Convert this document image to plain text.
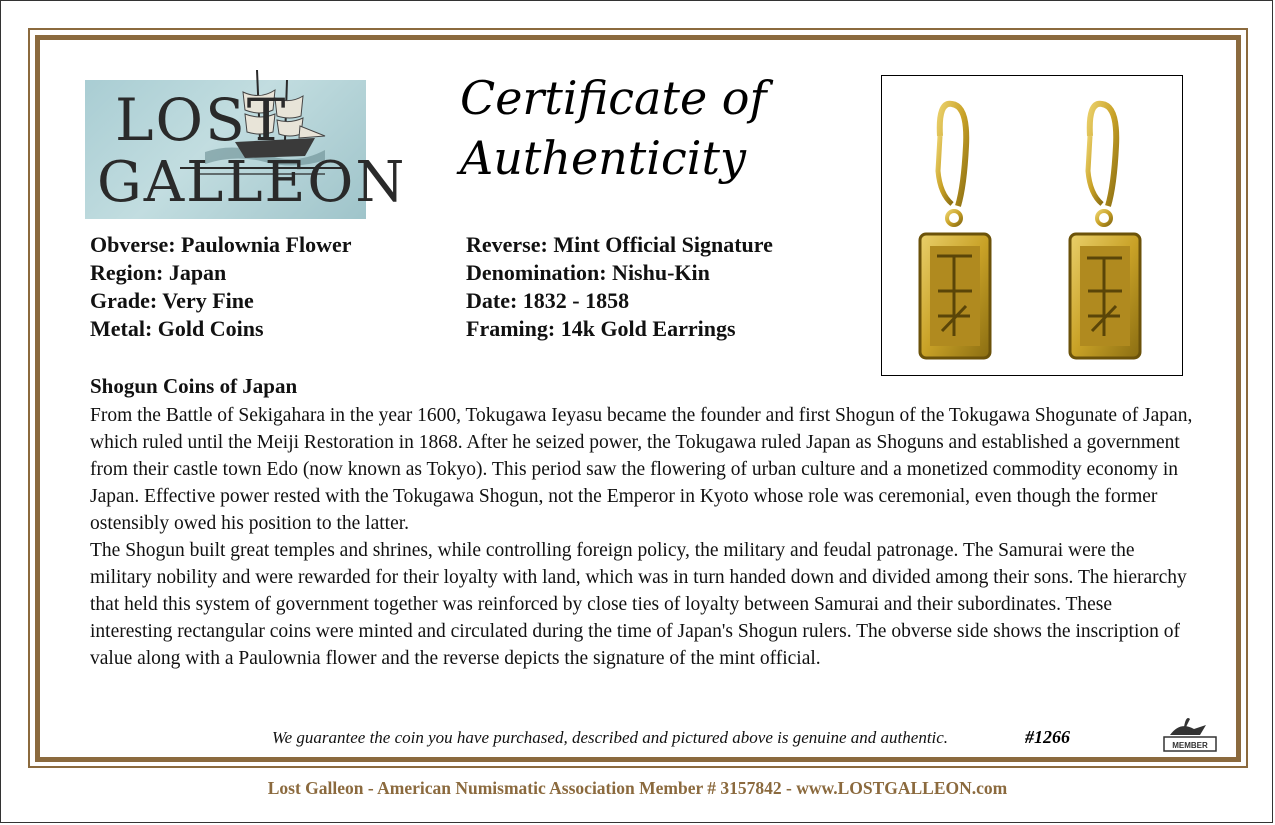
LOST
GALLEON
Certificate of
Authenticity
Obverse: Paulownia Flower
Region: Japan
Grade: Very Fine
Metal: Gold Coins
Reverse: Mint Official Signature
Denomination: Nishu-Kin
Date: 1832 - 1858
Framing: 14k Gold Earrings
Shogun Coins of Japan

From the Battle of Sekigahara in the year 1600, Tokugawa Ieyasu became the founder and first Shogun of the Tokugawa Shogunate of Japan, which ruled until the Meiji Restoration in 1868. After he seized power, the Tokugawa ruled Japan as Shoguns and established a government from their castle town Edo (now known as Tokyo). This period saw the flowering of urban culture and a monetized commodity economy in Japan. Effective power rested with the Tokugawa Shogun, not the Emperor in Kyoto whose role was ceremonial, even though the former ostensibly owed his position to the latter.

The Shogun built great temples and shrines, while controlling foreign policy, the military and feudal patronage. The Samurai were the military nobility and were rewarded for their loyalty with land, which was in turn handed down and divided among their sons. The hierarchy that held this system of government together was reinforced by close ties of loyalty between Samurai and their subordinates. These interesting rectangular coins were minted and circulated during the time of Japan's Shogun rulers. The obverse side shows the inscription of value along with a Paulownia flower and the reverse depicts the signature of the mint official.

We guarantee the coin you have purchased, described and pictured above is genuine and authentic.	#1266	ANA
MEMBER
Lost Galleon - American Numismatic Association Member # 3157842 - www.LOSTGALLEON.com
